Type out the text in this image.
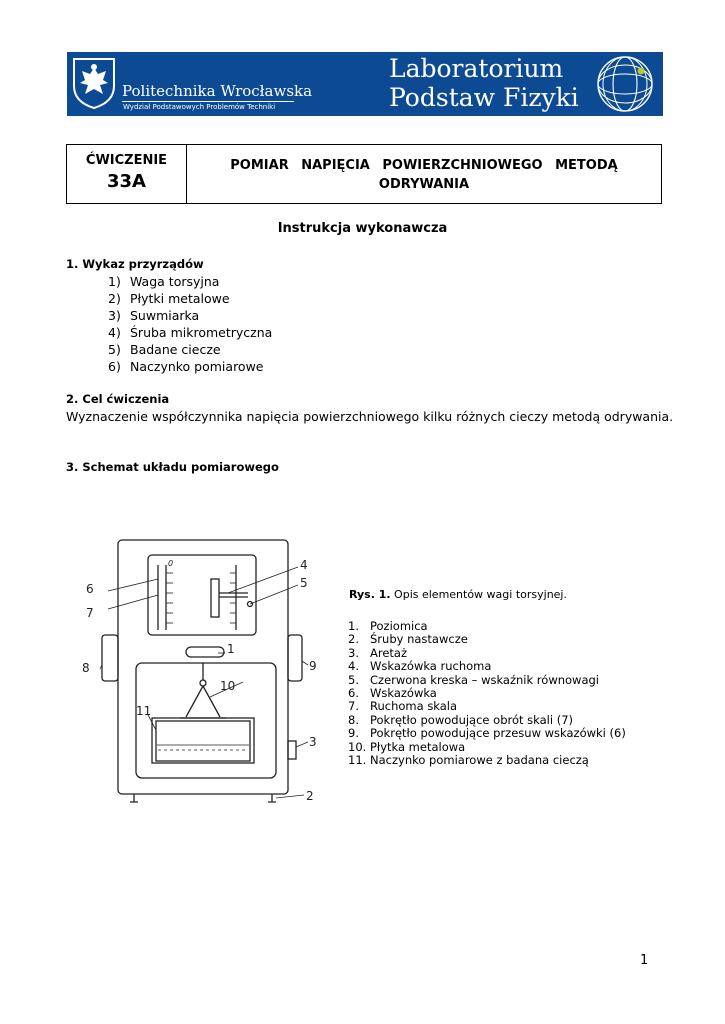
Politechnika Wrocławska
Wydział Podstawowych Problemów Techniki
Laboratorium
Podstaw Fizyki
ĆWICZENIE
33A
POMIAR NAPIĘCIA POWIERZCHNIOWEGO METODĄ
ODRYWANIA
Instrukcja wykonawcza
1. Wykaz przyrządów
1) Waga torsyjna
2) Płytki metalowe
3) Suwmiarka
4) Śruba mikrometryczna
5) Badane ciecze
6) Naczynko pomiarowe
2. Cel ćwiczenia
Wyznaczenie współczynnika napięcia powierzchniowego kilku różnych cieczy metodą odrywania.
3. Schemat układu pomiarowego
6
7
4
5
1
10
11
8	9
3
2
0
Rys. 1. Opis elementów wagi torsyjnej.
1. Poziomica
2. Śruby nastawcze
3. Aretaż
4. Wskazówka ruchoma
5. Czerwona kreska – wskaźnik równowagi
6. Wskazówka
7. Ruchoma skala
8. Pokrętło powodujące obrót skali (7)
9. Pokrętło powodujące przesuw wskazówki (6)
10. Płytka metalowa
11. Naczynko pomiarowe z badana cieczą
1
